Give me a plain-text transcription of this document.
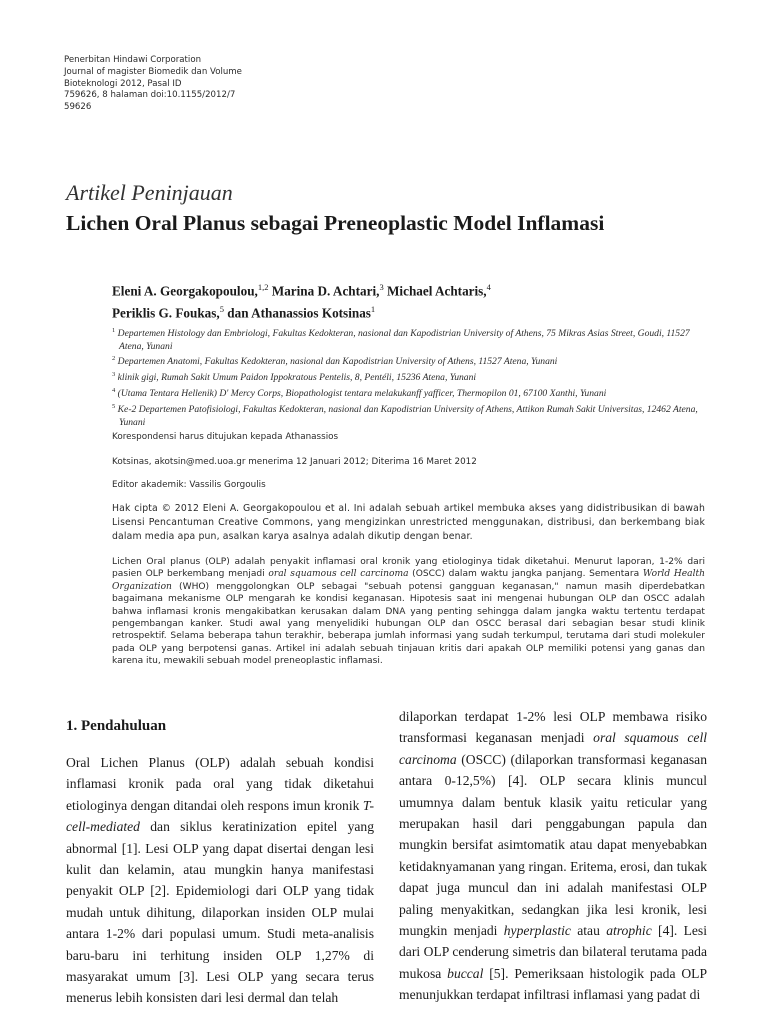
Penerbitan Hindawi Corporation
Journal of magister Biomedik dan Volume
Bioteknologi 2012, Pasal ID
759626, 8 halaman doi:10.1155/2012/7
59626
Artikel Peninjauan
Lichen Oral Planus sebagai Preneoplastic Model Inflamasi
Eleni A. Georgakopoulou,$^{1,2}$ Marina D. Achtari,$^3$ Michael Achtaris,$^4$ Periklis G. Foukas,$^5$ dan Athanassios Kotsinas$^1$

$^1$ Departemen Histology dan Embriologi, Fakultas Kedokteran, nasional dan Kapodistrian University of Athens, 75 Mikras Asias Street, Goudi, 11527 Atena, Yunani

$^2$ Departemen Anatomi, Fakultas Kedokteran, nasional dan Kapodistrian University of Athens, 11527 Atena, Yunani

$^3$ klinik gigi, Rumah Sakit Umum Paidon Ippokratous Pentelis, 8, Pentéli, 15236 Atena, Yunani

$^4$ (Utama Tentara Hellenik) D' Mercy Corps, Biopathologist tentara melakukanff yafficer, Thermopilon 01, 67100 Xanthi, Yunani

$^5$ Ke-2 Departemen Patofisiologi, Fakultas Kedokteran, nasional dan Kapodistrian University of Athens, Attikon Rumah Sakit Universitas, 12462 Atena, Yunani

Korespondensi harus ditujukan kepada Athanassios
Kotsinas, akotsin@med.uoa.gr menerima 12 Januari 2012; Diterima 16 Maret 2012
Editor akademik: Vassilis Gorgoulis
Hak cipta © 2012 Eleni A. Georgakopoulou et al. Ini adalah sebuah artikel membuka akses yang didistribusikan di bawah Lisensi Pencantuman Creative Commons, yang mengizinkan unrestricted menggunakan, distribusi, dan berkembang biak dalam media apa pun, asalkan karya asalnya adalah dikutip dengan benar.
Lichen Oral planus (OLP) adalah penyakit inflamasi oral kronik yang etiologinya tidak diketahui. Menurut laporan, 1-2% dari pasien OLP berkembang menjadi oral squamous cell carcinoma (OSCC) dalam waktu jangka panjang. Sementara World Health Organization (WHO) menggolongkan OLP sebagai "sebuah potensi gangguan keganasan," namun masih diperdebatkan bagaimana mekanisme OLP mengarah ke kondisi keganasan. Hipotesis saat ini mengenai hubungan OLP dan OSCC adalah bahwa inflamasi kronis mengakibatkan kerusakan dalam DNA yang penting sehingga dalam jangka waktu tertentu terdapat pengembangan kanker. Studi awal yang menyelidiki hubungan OLP dan OSCC berasal dari sebagian besar studi klinik retrospektif. Selama beberapa tahun terakhir, beberapa jumlah informasi yang sudah terkumpul, terutama dari studi molekuler pada OLP yang berpotensi ganas. Artikel ini adalah sebuah tinjauan kritis dari apakah OLP memiliki potensi yang ganas dan karena itu, mewakili sebuah model preneoplastic inflamasi.
1. Pendahuluan

Oral Lichen Planus (OLP) adalah sebuah kondisi inflamasi kronik pada oral yang tidak diketahui etiologinya dengan ditandai oleh respons imun kronik T-cell-mediated dan siklus keratinization epitel yang abnormal [1]. Lesi OLP yang dapat disertai dengan lesi kulit dan kelamin, atau mungkin hanya manifestasi penyakit OLP [2]. Epidemiologi dari OLP yang tidak mudah untuk dihitung, dilaporkan insiden OLP mulai antara 1-2% dari populasi umum. Studi meta-analisis baru-baru ini terhitung insiden OLP 1,27% di masyarakat umum [3]. Lesi OLP yang secara terus menerus lebih konsisten dari lesi dermal dan telah

dilaporkan terdapat 1-2% lesi OLP membawa risiko transformasi keganasan menjadi oral squamous cell carcinoma (OSCC) (dilaporkan transformasi keganasan antara 0-12,5%) [4]. OLP secara klinis muncul umumnya dalam bentuk klasik yaitu reticular yang merupakan hasil dari penggabungan papula dan mungkin bersifat asimtomatik atau dapat menyebabkan ketidaknyamanan yang ringan. Eritema, erosi, dan tukak dapat juga muncul dan ini adalah manifestasi OLP paling menyakitkan, sedangkan jika lesi kronik, lesi mungkin menjadi hyperplastic atau atrophic [4]. Lesi dari OLP cenderung simetris dan bilateral terutama pada mukosa buccal [5]. Pemeriksaan histologik pada OLP menunjukkan terdapat infiltrasi inflamasi yang padat di
